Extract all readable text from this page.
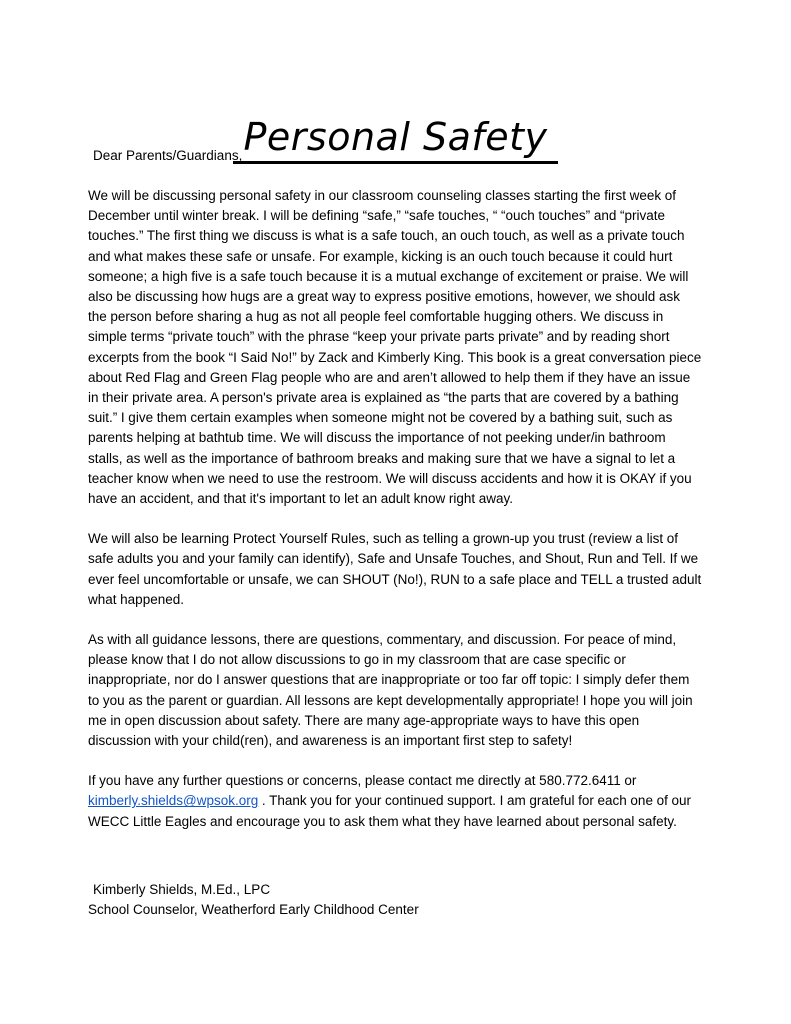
Personal Safety
Dear Parents/Guardians,

We will be discussing personal safety in our classroom counseling classes starting the first week of December until winter break. I will be defining “safe,” “safe touches, “ “ouch touches” and “private touches.” The first thing we discuss is what is a safe touch, an ouch touch, as well as a private touch and what makes these safe or unsafe. For example, kicking is an ouch touch because it could hurt someone; a high five is a safe touch because it is a mutual exchange of excitement or praise. We will also be discussing how hugs are a great way to express positive emotions, however, we should ask the person before sharing a hug as not all people feel comfortable hugging others. We discuss in simple terms “private touch” with the phrase “keep your private parts private” and by reading short excerpts from the book “I Said No!” by Zack and Kimberly King. This book is a great conversation piece about Red Flag and Green Flag people who are and aren’t allowed to help them if they have an issue in their private area. A person's private area is explained as “the parts that are covered by a bathing suit.” I give them certain examples when someone might not be covered by a bathing suit, such as parents helping at bathtub time. We will discuss the importance of not peeking under/in bathroom stalls, as well as the importance of bathroom breaks and making sure that we have a signal to let a teacher know when we need to use the restroom. We will discuss accidents and how it is OKAY if you have an accident, and that it's important to let an adult know right away.

We will also be learning Protect Yourself Rules, such as telling a grown-up you trust (review a list of safe adults you and your family can identify), Safe and Unsafe Touches, and Shout, Run and Tell. If we ever feel uncomfortable or unsafe, we can SHOUT (No!), RUN to a safe place and TELL a trusted adult what happened.

As with all guidance lessons, there are questions, commentary, and discussion. For peace of mind, please know that I do not allow discussions to go in my classroom that are case specific or inappropriate, nor do I answer questions that are inappropriate or too far off topic: I simply defer them to you as the parent or guardian. All lessons are kept developmentally appropriate! I hope you will join me in open discussion about safety. There are many age-appropriate ways to have this open discussion with your child(ren), and awareness is an important first step to safety!

If you have any further questions or concerns, please contact me directly at 580.772.6411 or kimberly.shields@wpsok.org . Thank you for your continued support. I am grateful for each one of our WECC Little Eagles and encourage you to ask them what they have learned about personal safety.

Kimberly Shields, M.Ed., LPC
School Counselor, Weatherford Early Childhood Center
